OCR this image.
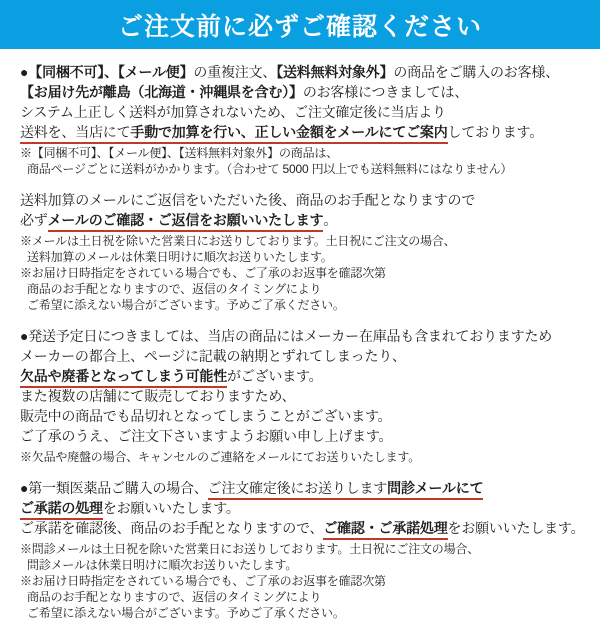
ご注文前に必ずご確認ください
●【同梱不可】、【メール便】の重複注文、【送料無料対象外】の商品をご購入のお客様、
【お届け先が離島（北海道・沖縄県を含む）】のお客様につきましては、
システム上正しく送料が加算されないため、ご注文確定後に当店より
送料を、当店にて手動で加算を行い、正しい金額をメールにてご案内しております。
※【同梱不可】、【メール便】、【送料無料対象外】の商品は、
商品ページごとに送料がかかります。（合わせて 5000 円以上でも送料無料にはなりません）
送料加算のメールにご返信をいただいた後、商品のお手配となりますので
必ずメールのご確認・ご返信をお願いいたします。
※メールは土日祝を除いた営業日にお送りしております。土日祝にご注文の場合、
送料加算のメールは休業日明けに順次お送りいたします。
※お届け日時指定をされている場合でも、ご了承のお返事を確認次第
商品のお手配となりますので、返信のタイミングにより
ご希望に添えない場合がございます。予めご了承ください。
●発送予定日につきましては、当店の商品にはメーカー在庫品も含まれておりますため
メーカーの都合上、ページに記載の納期とずれてしまったり、
欠品や廃番となってしまう可能性がございます。
また複数の店舗にて販売しておりますため、
販売中の商品でも品切れとなってしまうことがございます。
ご了承のうえ、ご注文下さいますようお願い申し上げます。
※欠品や廃盤の場合、キャンセルのご連絡をメールにてお送りいたします。
●第一類医薬品ご購入の場合、ご注文確定後にお送りします問診メールにて
ご承諾の処理をお願いいたします。
ご承諾を確認後、商品のお手配となりますので、ご確認・ご承諾処理をお願いいたします。
※問診メールは土日祝を除いた営業日にお送りしております。土日祝にご注文の場合、
問診メールは休業日明けに順次お送りいたします。
※お届け日時指定をされている場合でも、ご了承のお返事を確認次第
商品のお手配となりますので、返信のタイミングにより
ご希望に添えない場合がございます。予めご了承ください。
